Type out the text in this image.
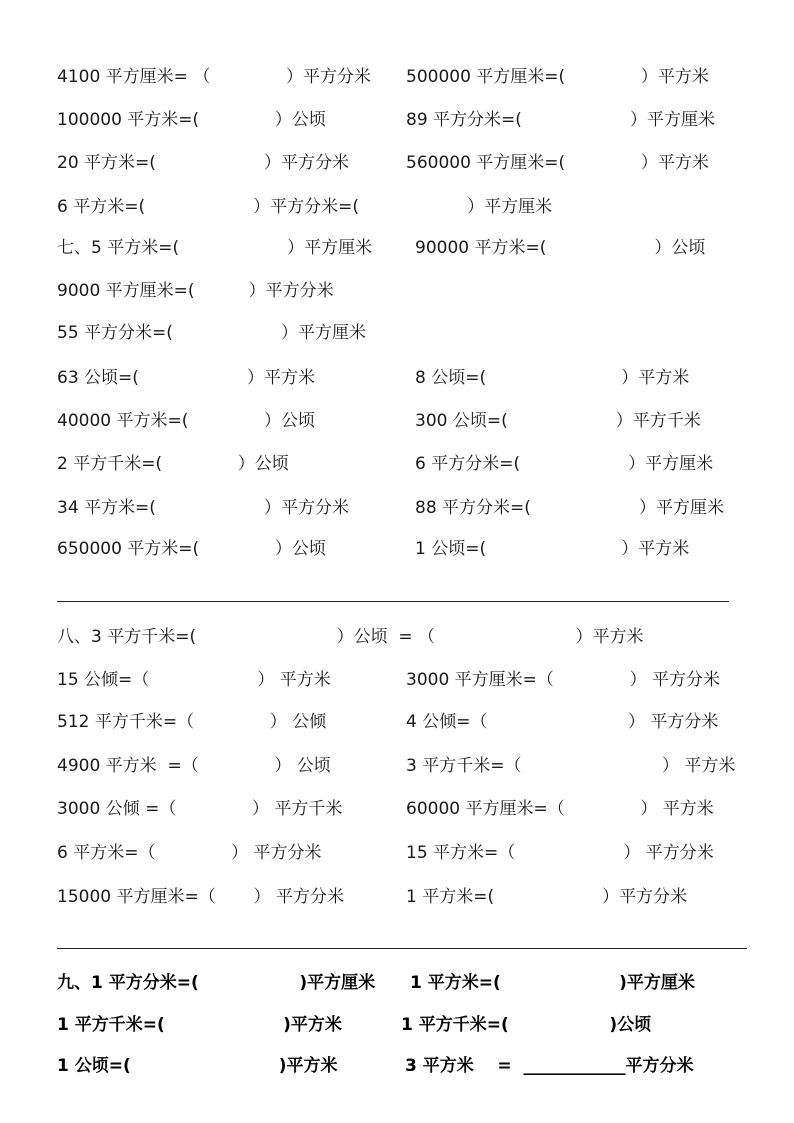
4100 平方厘米= （              ）平方分米 500000 平方厘米=(              ）平方米
100000 平方米=(              ）公顷	89 平方分米=(                    ）平方厘米
20 平方米=(                    ）平方分米	560000 平方厘米=(              ）平方米
6 平方米=(                    ）平方分米=(                    ）平方厘米
七、5 平方米=(                    ）平方厘米	90000 平方米=(                    ）公顷
9000 平方厘米=(          ）平方分米
55 平方分米=(                    ）平方厘米
63 公顷=(                    ）平方米	8 公顷=(                         ）平方米
40000 平方米=(              ）公顷	300 公顷=(                    ）平方千米
2 平方千米=(              ）公顷	6 平方分米=(                    ）平方厘米
34 平方米=(                    ）平方分米	88 平方分米=(                    ）平方厘米
650000 平方米=(              ）公顷	1 公顷=(                         ）平方米
八、3 平方千米=(                          ）公顷  = （                          ）平方米
15 公倾=（                    ） 平方米	3000 平方厘米=（              ） 平方分米
512 平方千米=（              ） 公倾	4 公倾=（                          ） 平方分米
4900 平方米  =（              ） 公顷	3 平方千米=（                          ） 平方米
3000 公倾 =（              ） 平方千米	60000 平方厘米=（              ） 平方米
6 平方米=（              ） 平方分米	15 平方米=（                    ） 平方分米
15000 平方厘米=（       ） 平方分米	1 平方米=(                    ）平方分米
九、1 平方分米=(                 )平方厘米 1 平方米=(                    )平方厘米
1 平方千米=(                    )平方米	1 平方千米=(                 )公顷
1 公顷=(                         )平方米	3 平方米    =  ____________平方分米
